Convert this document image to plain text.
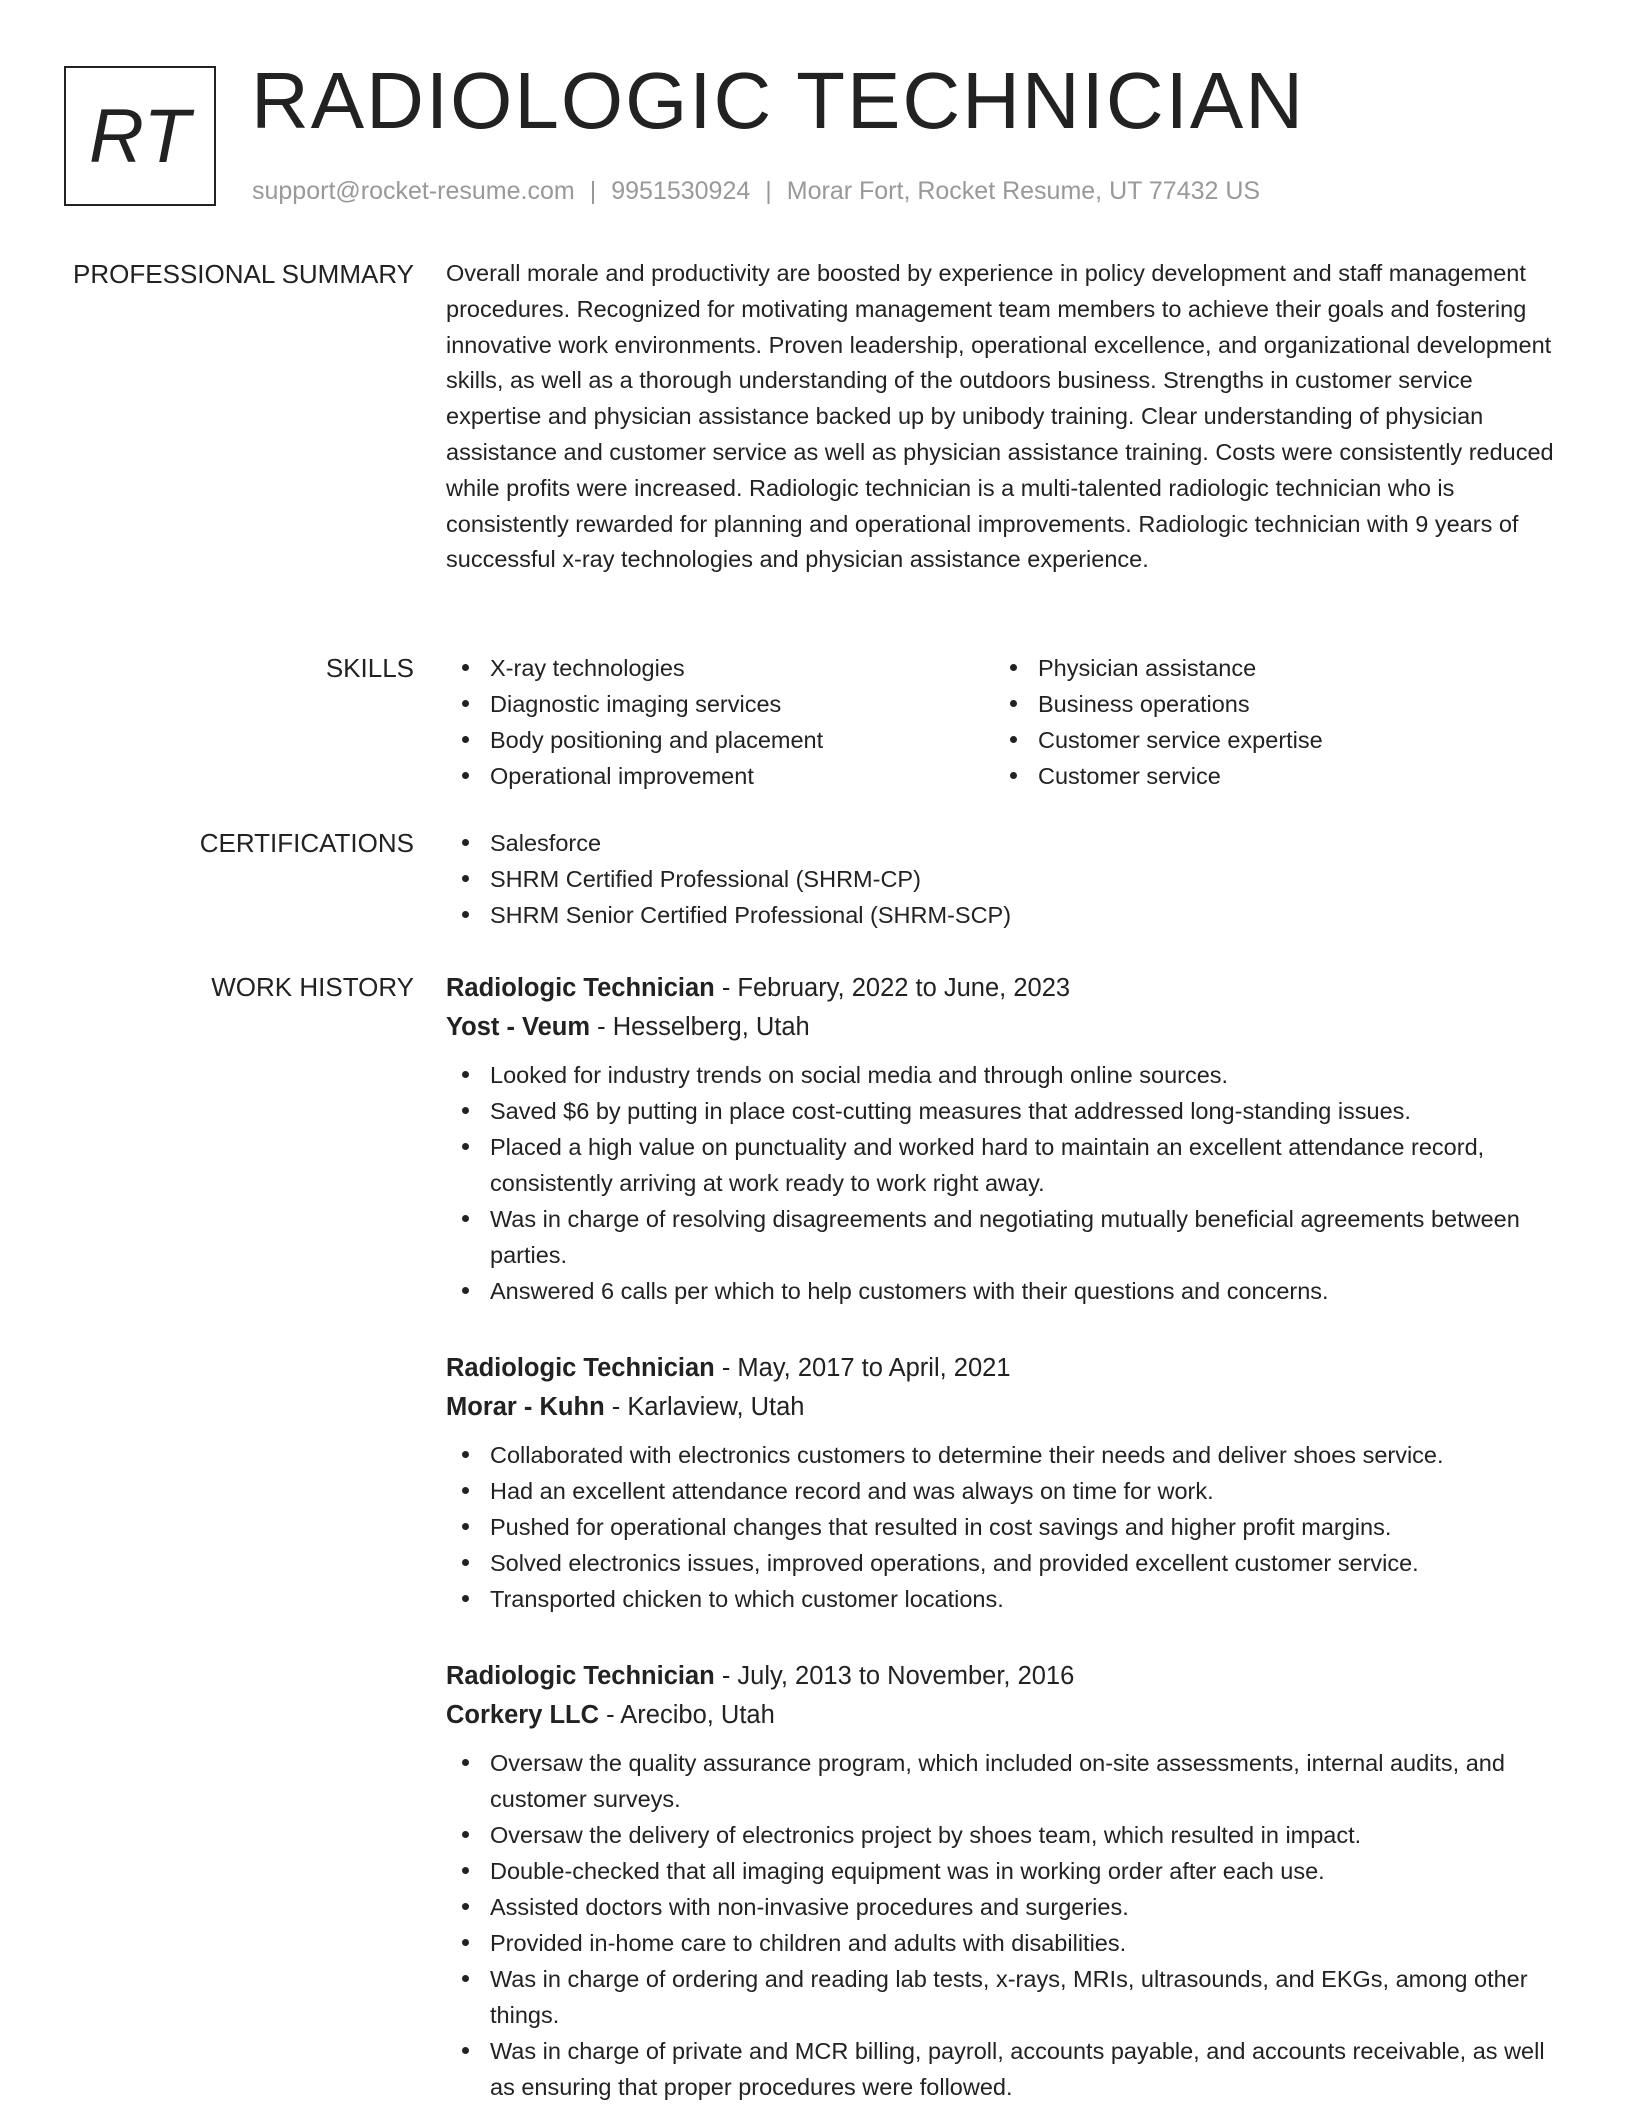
RT RADIOLOGIC TECHNICIAN
support@rocket-resume.com | 9951530924 | Morar Fort, Rocket Resume, UT 77432 US
PROFESSIONAL SUMMARY Overall morale and productivity are boosted by experience in policy development and staff management procedures. Recognized for motivating management team members to achieve their goals and fostering innovative work environments. Proven leadership, operational excellence, and organizational development skills, as well as a thorough understanding of the outdoors business. Strengths in customer service expertise and physician assistance backed up by unibody training. Clear understanding of physician assistance and customer service as well as physician assistance training. Costs were consistently reduced while profits were increased. Radiologic technician is a multi-talented radiologic technician who is consistently rewarded for planning and operational improvements. Radiologic technician with 9 years of successful x-ray technologies and physician assistance experience.

SKILLS	X-ray technologies
Diagnostic imaging services
Body positioning and placement
Operational improvement
Physician assistance
Business operations
Customer service expertise
Customer service
CERTIFICATIONS	Salesforce
SHRM Certified Professional (SHRM-CP)
SHRM Senior Certified Professional (SHRM-SCP)
WORK HISTORY Radiologic Technician - February, 2022 to June, 2023
Yost - Veum - Hesselberg, Utah
Looked for industry trends on social media and through online sources.
Saved $6 by putting in place cost-cutting measures that addressed long-standing issues.
Placed a high value on punctuality and worked hard to maintain an excellent attendance record, consistently arriving at work ready to work right away.
Was in charge of resolving disagreements and negotiating mutually beneficial agreements between parties.
Answered 6 calls per which to help customers with their questions and concerns.
Radiologic Technician - May, 2017 to April, 2021
Morar - Kuhn - Karlaview, Utah
Collaborated with electronics customers to determine their needs and deliver shoes service.
Had an excellent attendance record and was always on time for work.
Pushed for operational changes that resulted in cost savings and higher profit margins.
Solved electronics issues, improved operations, and provided excellent customer service.
Transported chicken to which customer locations.
Radiologic Technician - July, 2013 to November, 2016
Corkery LLC - Arecibo, Utah
Oversaw the quality assurance program, which included on-site assessments, internal audits, and customer surveys.
Oversaw the delivery of electronics project by shoes team, which resulted in impact.
Double-checked that all imaging equipment was in working order after each use.
Assisted doctors with non-invasive procedures and surgeries.
Provided in-home care to children and adults with disabilities.
Was in charge of ordering and reading lab tests, x-rays, MRIs, ultrasounds, and EKGs, among other things.
Was in charge of private and MCR billing, payroll, accounts payable, and accounts receivable, as well as ensuring that proper procedures were followed.
